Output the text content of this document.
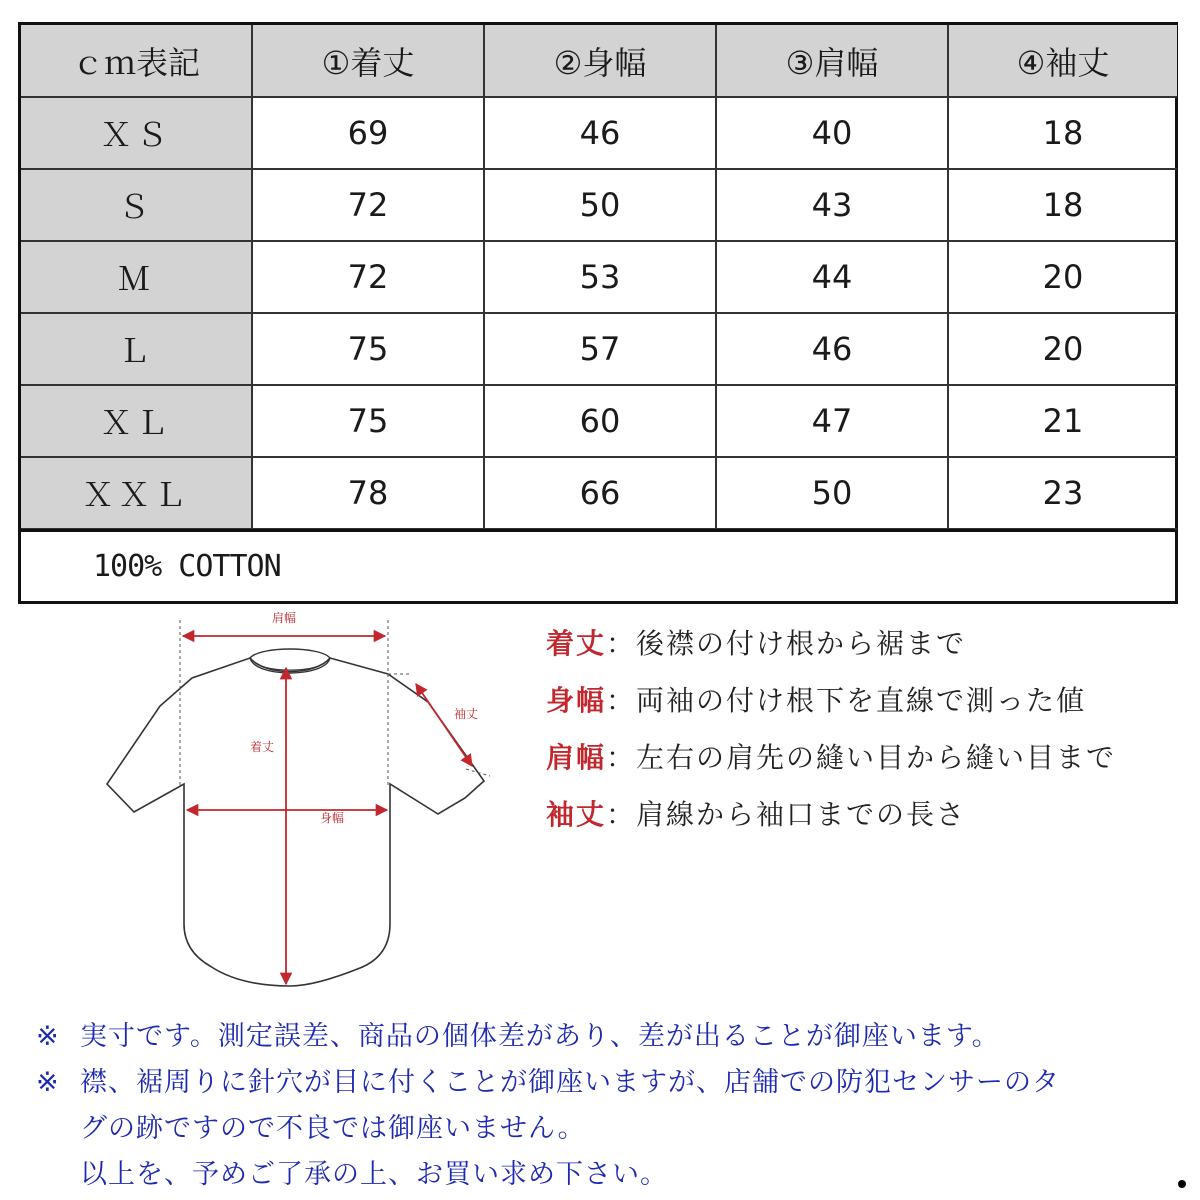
ｃｍ表記	①着丈	②身幅	③肩幅	④袖丈
ＸＳ	69	46	40	18
Ｓ	72	50	43	18
Ｍ	72	53	44	20
Ｌ	75	57	46	20
ＸＬ	75	60	47	21
ＸＸＬ	78	66	50	23
100% COTTON
肩幅
着丈
身幅
袖丈
着丈：後襟の付け根から裾まで
身幅：両袖の付け根下を直線で測った値
肩幅：左右の肩先の縫い目から縫い目まで
袖丈：肩線から袖口までの長さ
※ 実寸です。測定誤差、商品の個体差があり、差が出ることが御座います。
※ 襟、裾周りに針穴が目に付くことが御座いますが、店舗での防犯センサーのタ
グの跡ですので不良では御座いません。
以上を、予めご了承の上、お買い求め下さい。
